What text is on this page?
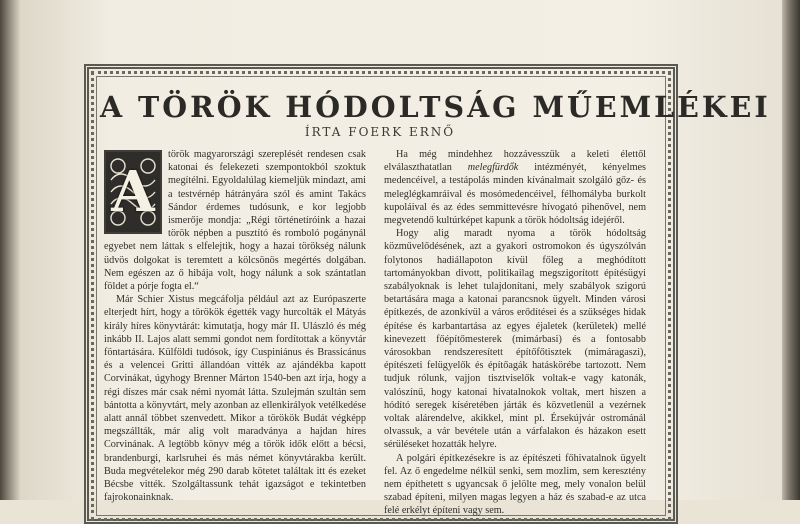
A TÖRÖK HÓDOLTSÁG MŰEMLÉKEI
ÍRTA FOERK ERNŐ
A

török magyarországi szereplését rendesen csak katonai és felekezeti szempontokból szoktuk megítélni. Egyoldalúlag kiemeljük mindazt, ami a testvérnép hátrányára szól és amint Takács Sándor érdemes tudósunk, e kor legjobb ismerője mondja: „Régi történetíróink a hazai török népben a pusztító és romboló pogánynál egyebet nem láttak s elfelejtik, hogy a hazai törökség nálunk üdvös dolgokat is teremtett a kölcsönös megértés dolgában. Nem egészen az ő hibája volt, hogy nálunk a sok szántatlan földet a pórje fogta el.“

Már Schier Xistus megcáfolja például azt az Európaszerte elterjedt hírt, hogy a törökök égették vagy hurcolták el Mátyás király híres könyvtárát: kimutatja, hogy már II. Ulászló és még inkább II. Lajos alatt semmi gondot nem fordítottak a könyvtár föntartására. Külföldi tudósok, így Cuspiniánus és Brassicánus és a velencei Gritti állandóan vitték az ajándékba kapott Corvinákat, úgyhogy Brenner Márton 1540-ben azt írja, hogy a régi díszes már csak némi nyomát látta. Szulejmán szultán sem bántotta a könyvtárt, mely azonban az ellenkirályok vetélkedése alatt annál többet szenvedett. Mikor a törökök Budát végképp megszállták, már alig volt maradványa a hajdan híres Corvinának. A legtöbb könyv még a török idők előtt a bécsi, brandenburgi, karlsruhei és más német könyvtárakba került. Buda megvételekor még 290 darab kötetet találtak itt és ezeket Bécsbe vitték. Szolgáltassunk tehát igazságot e tekintetben fajrokonainknak.

Ha még mindehhez hozzávesszük a keleti élettől elválaszthatatlan melegfürdők intézményét, kényelmes medencéivel, a testápolás minden kívánalmait szolgáló gőz- és meleglégkamráival és mosómedencéivel, félhomályba burkolt kupoláival és az édes semmittevésre hívogató pihenővel, nem megvetendő kultúrképet kapunk a török hódoltság idejéről.

Hogy alig maradt nyoma a török hódoltság közművelődésének, azt a gyakori ostromokon és úgyszólván folytonos hadiállapoton kívül főleg a meghódított tartományokban divott, politikailag megszigorított építésügyi szabályoknak is lehet tulajdonítani, mely szabályok szigorú betartására maga a katonai parancsnok ügyelt. Minden városi építkezés, de azonkívül a város erődítései és a szükséges hidak építése és karbantartása az egyes éjaletek (kerületek) mellé kinevezett főépítőmesterek (mimárbasi) és a fontosabb városokban rendszeresített építőfőtisztek (mimáragaszi), építészeti felügyelők és építőagák hatáskörébe tartozott. Nem tudjuk rólunk, vajjon tisztviselők voltak-e vagy katonák, valószínű, hogy katonai hivatalnokok voltak, mert hiszen a hódító seregek kíséretében járták és közvetlenül a vezérnek voltak alárendelve, akikkel, mint pl. Érsekújvár ostrománál olvassuk, a vár bevétele után a várfalakon és házakon esett sérüléseket hozatták helyre.

A polgári építkezésekre is az építészeti főhivatalnok ügyelt fel. Az ő engedelme nélkül senki, sem mozlim, sem keresztény nem építhetett s ugyancsak ő jelölte meg, mely vonalon belül szabad építeni, milyen magas legyen a ház és szabad-e az utca felé erkélyt építeni vagy sem.
